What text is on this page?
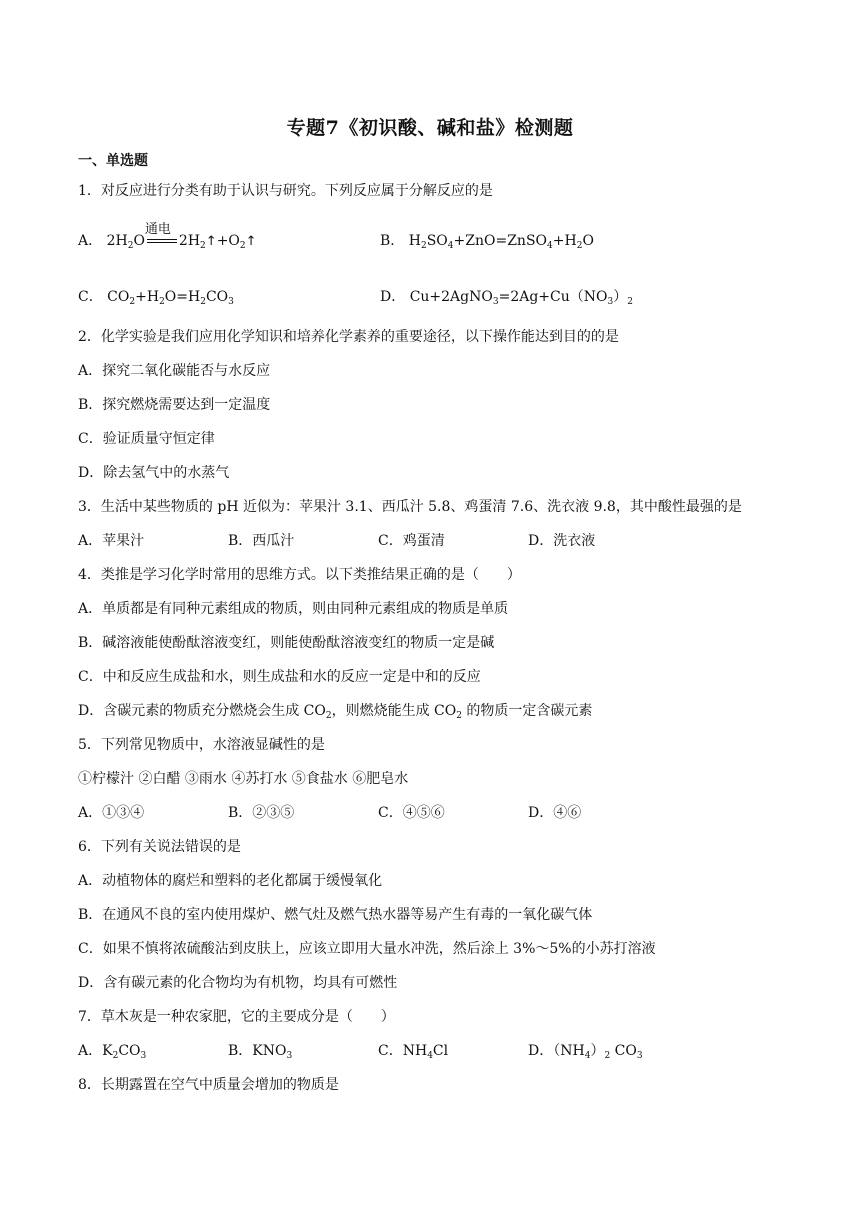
专题7《初识酸、碱和盐》检测题
一、单选题
1．对反应进行分类有助于认识与研究。下列反应属于分解反应的是
A． $2H_2O$
通电
$2H_2↑+O_2↑$	B． $H_2SO_4+ZnO=ZnSO_4+H_2O$
C． $CO_2+H_2O=H_2CO_3$	D． $Cu+2AgNO_3=2Ag+Cu(NO_3)_2$
2．化学实验是我们应用化学知识和培养化学素养的重要途径，以下操作能达到目的的是
A．探究二氧化碳能否与水反应
B．探究燃烧需要达到一定温度
C．验证质量守恒定律
D．除去氢气中的水蒸气
3．生活中某些物质的 pH 近似为：苹果汁 3.1、西瓜汁 5.8、鸡蛋清 7.6、洗衣液 9.8，其中酸性最强的是
A．苹果汁	B．西瓜汁	C．鸡蛋清	D．洗衣液
4．类推是学习化学时常用的思维方式。以下类推结果正确的是（　　）
A．单质都是有同种元素组成的物质，则由同种元素组成的物质是单质
B．碱溶液能使酚酞溶液变红，则能使酚酞溶液变红的物质一定是碱
C．中和反应生成盐和水，则生成盐和水的反应一定是中和的反应
D．含碳元素的物质充分燃烧会生成 $CO_2$，则燃烧能生成 $CO_2$ 的物质一定含碳元素
5．下列常见物质中，水溶液显碱性的是
①柠檬汁 ②白醋 ③雨水 ④苏打水 ⑤食盐水 ⑥肥皂水
A．①③④	B．②③⑤	C．④⑤⑥	D．④⑥
6．下列有关说法错误的是
A．动植物体的腐烂和塑料的老化都属于缓慢氧化
B．在通风不良的室内使用煤炉、燃气灶及燃气热水器等易产生有毒的一氧化碳气体
C．如果不慎将浓硫酸沾到皮肤上，应该立即用大量水冲洗，然后涂上 3%～5%的小苏打溶液
D．含有碳元素的化合物均为有机物，均具有可燃性
7．草木灰是一种农家肥，它的主要成分是（　　）
A．$K_2CO_3$	B．$KNO_3$	C．$NH_4Cl$	D．$(NH_4)_2$ $CO_3$
8．长期露置在空气中质量会增加的物质是
